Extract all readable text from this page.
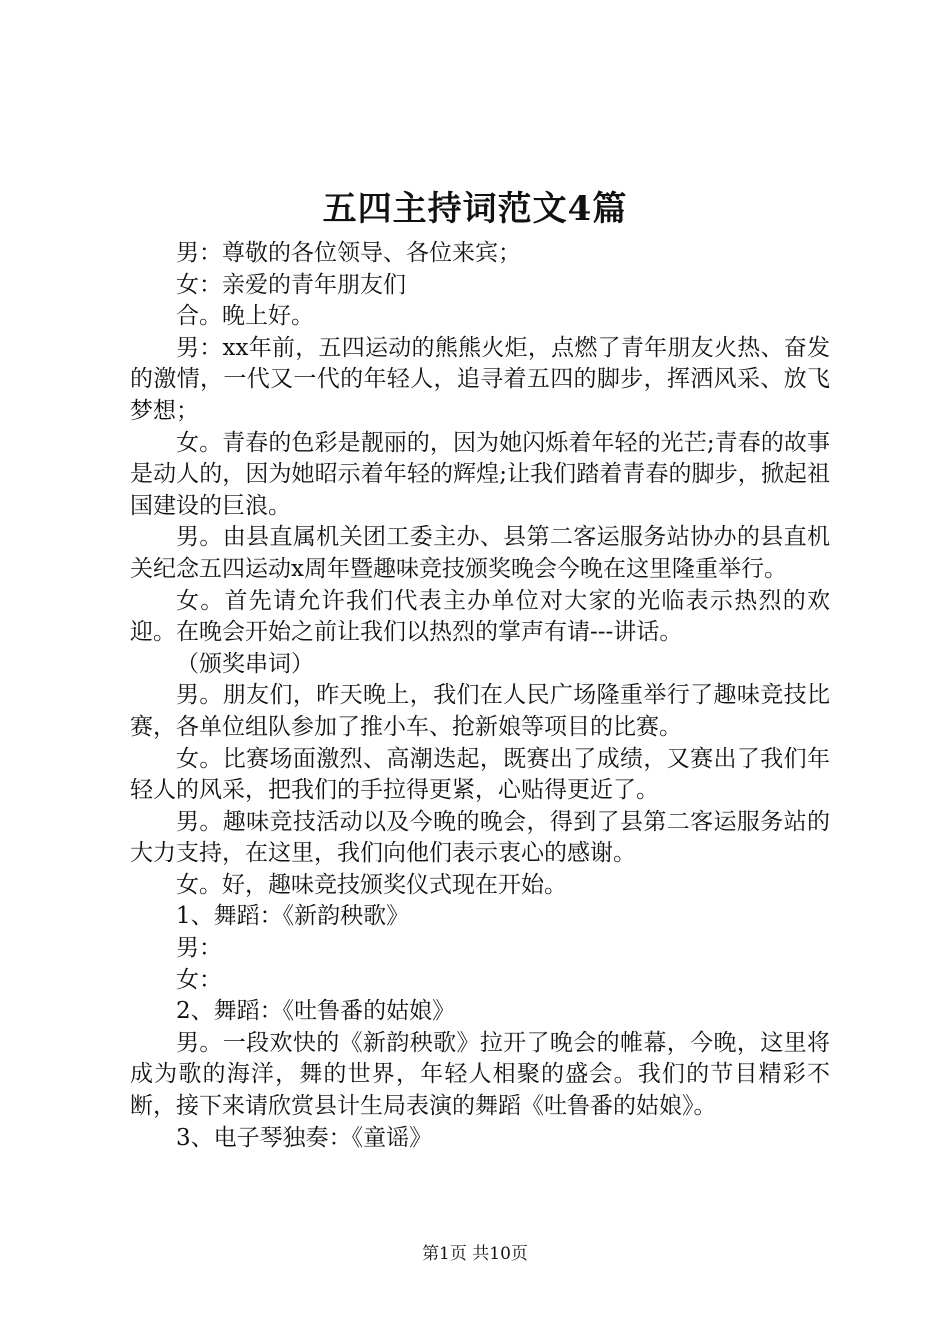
五四主持词范文4篇

男：尊敬的各位领导、各位来宾；

女：亲爱的青年朋友们

合。晚上好。

男：xx年前，五四运动的熊熊火炬，点燃了青年朋友火热、奋发的激情，一代又一代的年轻人，追寻着五四的脚步，挥洒风采、放飞梦想；

女。青春的色彩是靓丽的，因为她闪烁着年轻的光芒;青春的故事是动人的，因为她昭示着年轻的辉煌;让我们踏着青春的脚步，掀起祖国建设的巨浪。

男。由县直属机关团工委主办、县第二客运服务站协办的县直机关纪念五四运动x周年暨趣味竞技颁奖晚会今晚在这里隆重举行。

女。首先请允许我们代表主办单位对大家的光临表示热烈的欢迎。在晚会开始之前让我们以热烈的掌声有请---讲话。

（颁奖串词）

男。朋友们，昨天晚上，我们在人民广场隆重举行了趣味竞技比赛，各单位组队参加了推小车、抢新娘等项目的比赛。

女。比赛场面激烈、高潮迭起，既赛出了成绩，又赛出了我们年轻人的风采，把我们的手拉得更紧，心贴得更近了。

男。趣味竞技活动以及今晚的晚会，得到了县第二客运服务站的大力支持，在这里，我们向他们表示衷心的感谢。

女。好，趣味竞技颁奖仪式现在开始。

1、舞蹈：《新韵秧歌》

男：

女：

2、舞蹈：《吐鲁番的姑娘》

男。一段欢快的《新韵秧歌》拉开了晚会的帷幕，今晚，这里将成为歌的海洋，舞的世界，年轻人相聚的盛会。我们的节目精彩不断，接下来请欣赏县计生局表演的舞蹈《吐鲁番的姑娘》。

3、电子琴独奏：《童谣》

第1页 共10页
